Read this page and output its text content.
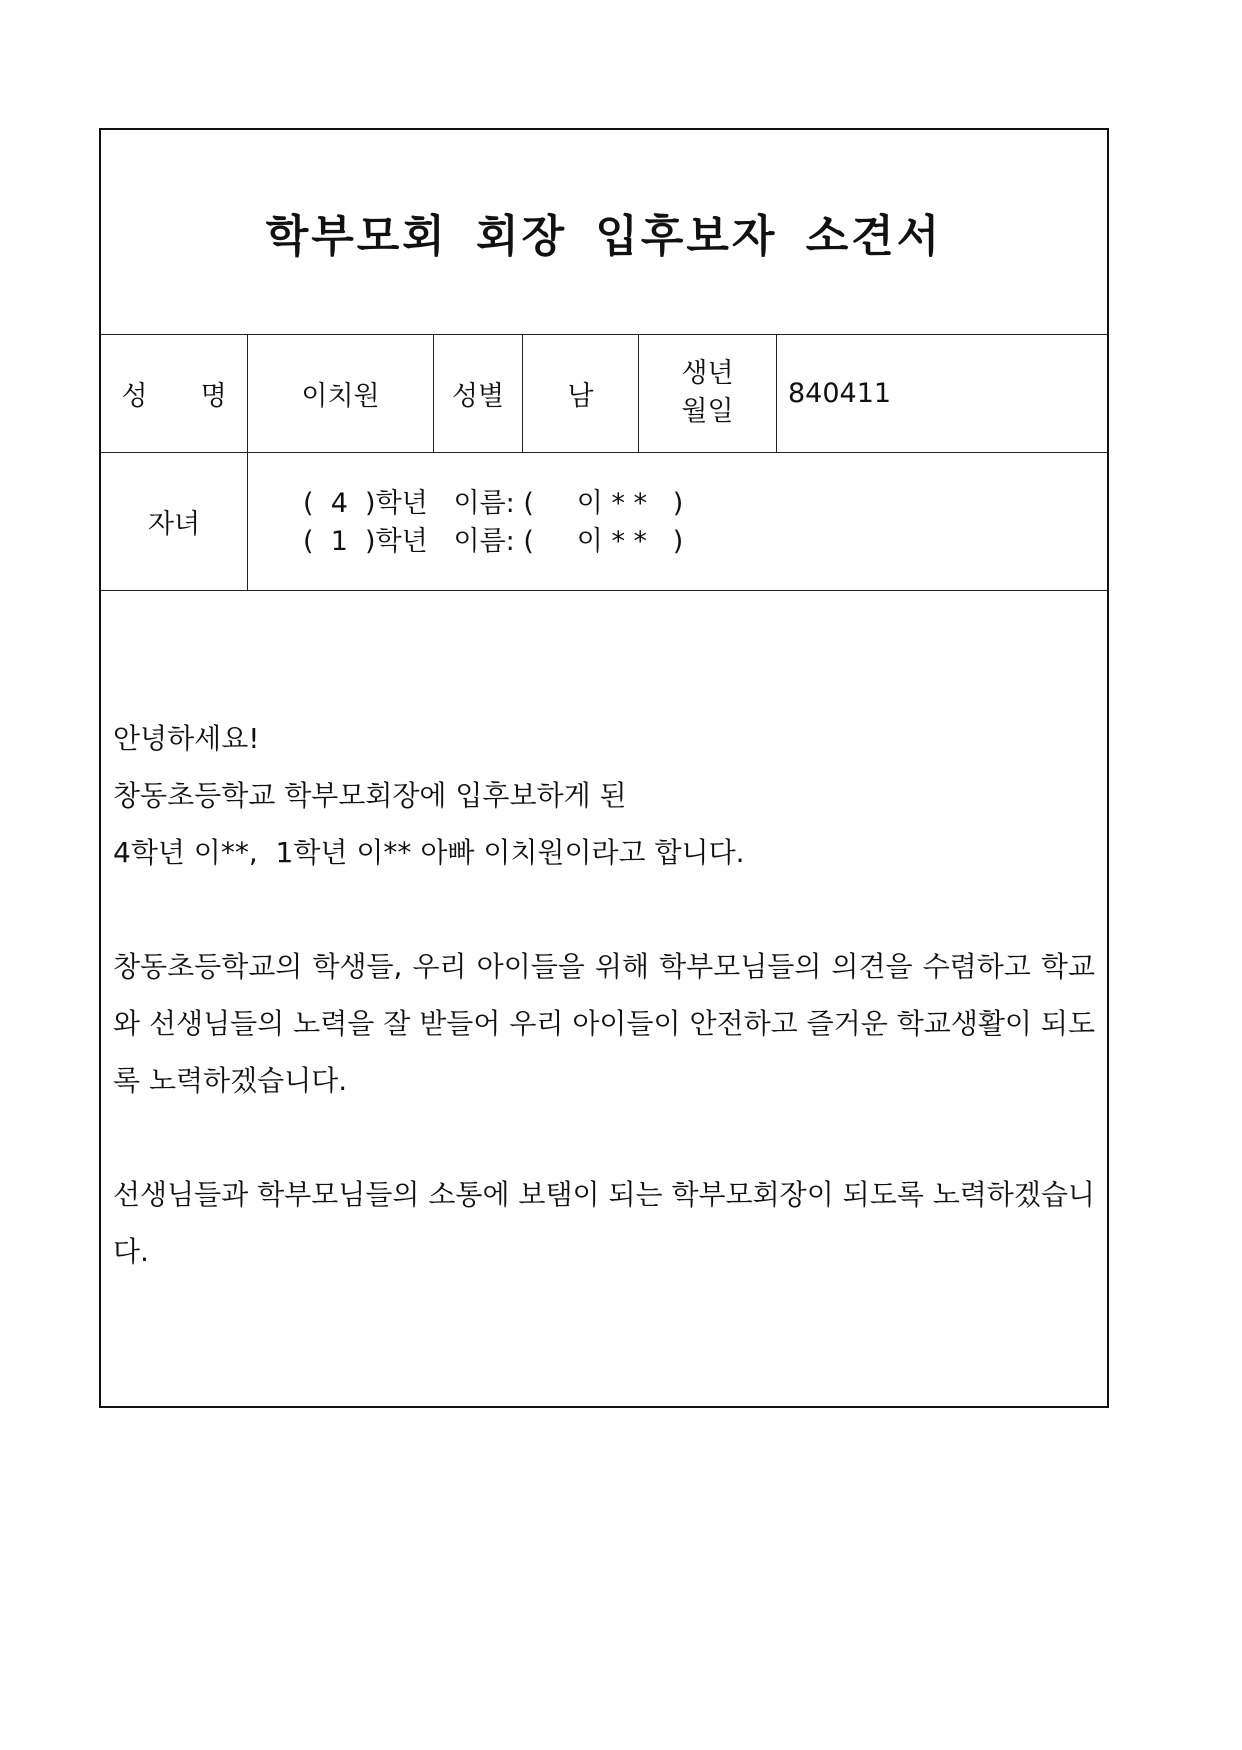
학부모회 회장 입후보자 소견서
성  명	이치원	성별 남
생년
월일
840411
자녀
(  4  )학년   이름: (     이 * *   )
(  1  )학년   이름: (     이 * *   )

안녕하세요!

창동초등학교 학부모회장에 입후보하게 된

4학년 이**,  1학년 이** 아빠 이치원이라고 합니다.

창동초등학교의 학생들, 우리 아이들을 위해 학부모님들의 의견을 수렴하고 학교와 선생님들의 노력을 잘 받들어 우리 아이들이 안전하고 즐거운 학교생활이 되도록 노력하겠습니다.

선생님들과 학부모님들의 소통에 보탬이 되는 학부모회장이 되도록 노력하겠습니다.
